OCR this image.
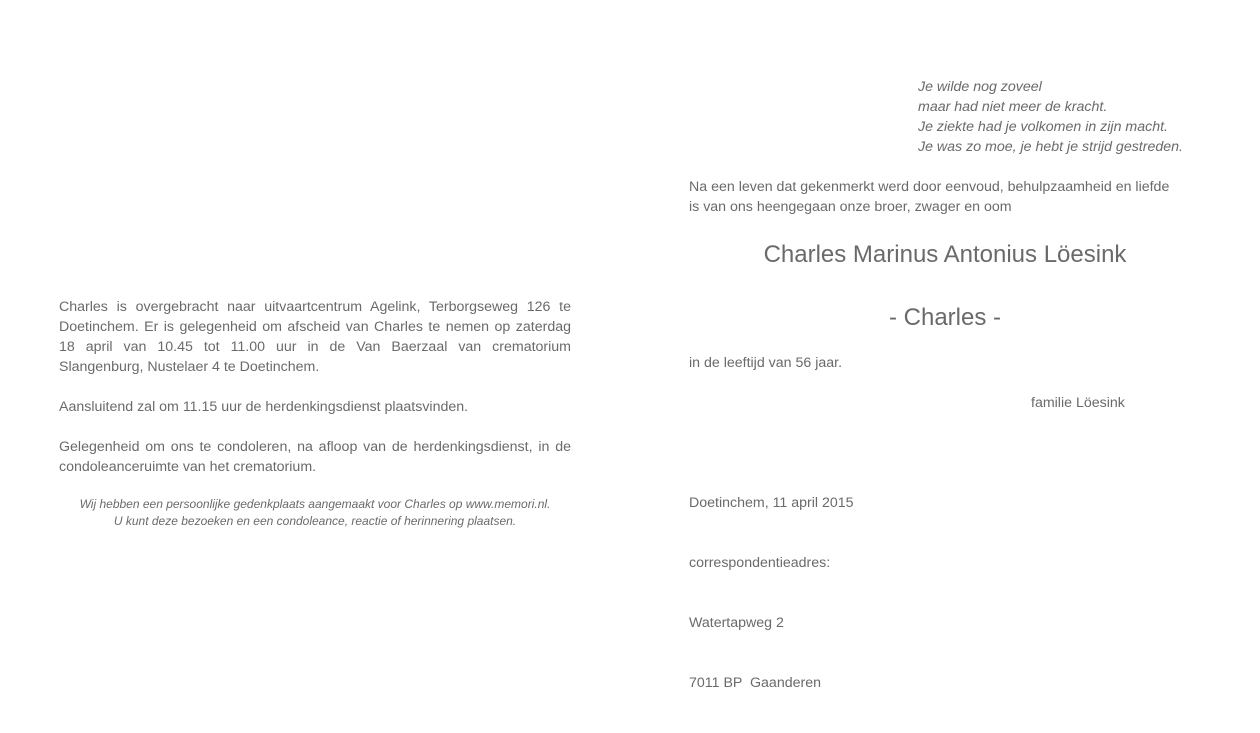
Charles is overgebracht naar uitvaartcentrum Agelink, Terborgseweg 126 te Doetinchem. Er is gelegenheid om afscheid van Charles te nemen op zaterdag 18 april van 10.45 tot 11.00 uur in de Van Baerzaal van crematorium Slangenburg, Nustelaer 4 te Doetinchem.

Aansluitend zal om 11.15 uur de herdenkingsdienst plaatsvinden.

Gelegenheid om ons te condoleren, na afloop van de herdenkingsdienst, in de condoleanceruimte van het crematorium.

Wij hebben een persoonlijke gedenkplaats aangemaakt voor Charles op www.memori.nl.
U kunt deze bezoeken en een condoleance, reactie of herinnering plaatsen.
Je wilde nog zoveel
maar had niet meer de kracht.
Je ziekte had je volkomen in zijn macht.
Je was zo moe, je hebt je strijd gestreden.
Na een leven dat gekenmerkt werd door eenvoud, behulpzaamheid en liefde
is van ons heengegaan onze broer, zwager en oom
Charles Marinus Antonius Löesink
- Charles -
in de leeftijd van 56 jaar.
familie Löesink

Doetinchem, 11 april 2015

correspondentieadres:

Watertapweg 2

7011 BP  Gaanderen
